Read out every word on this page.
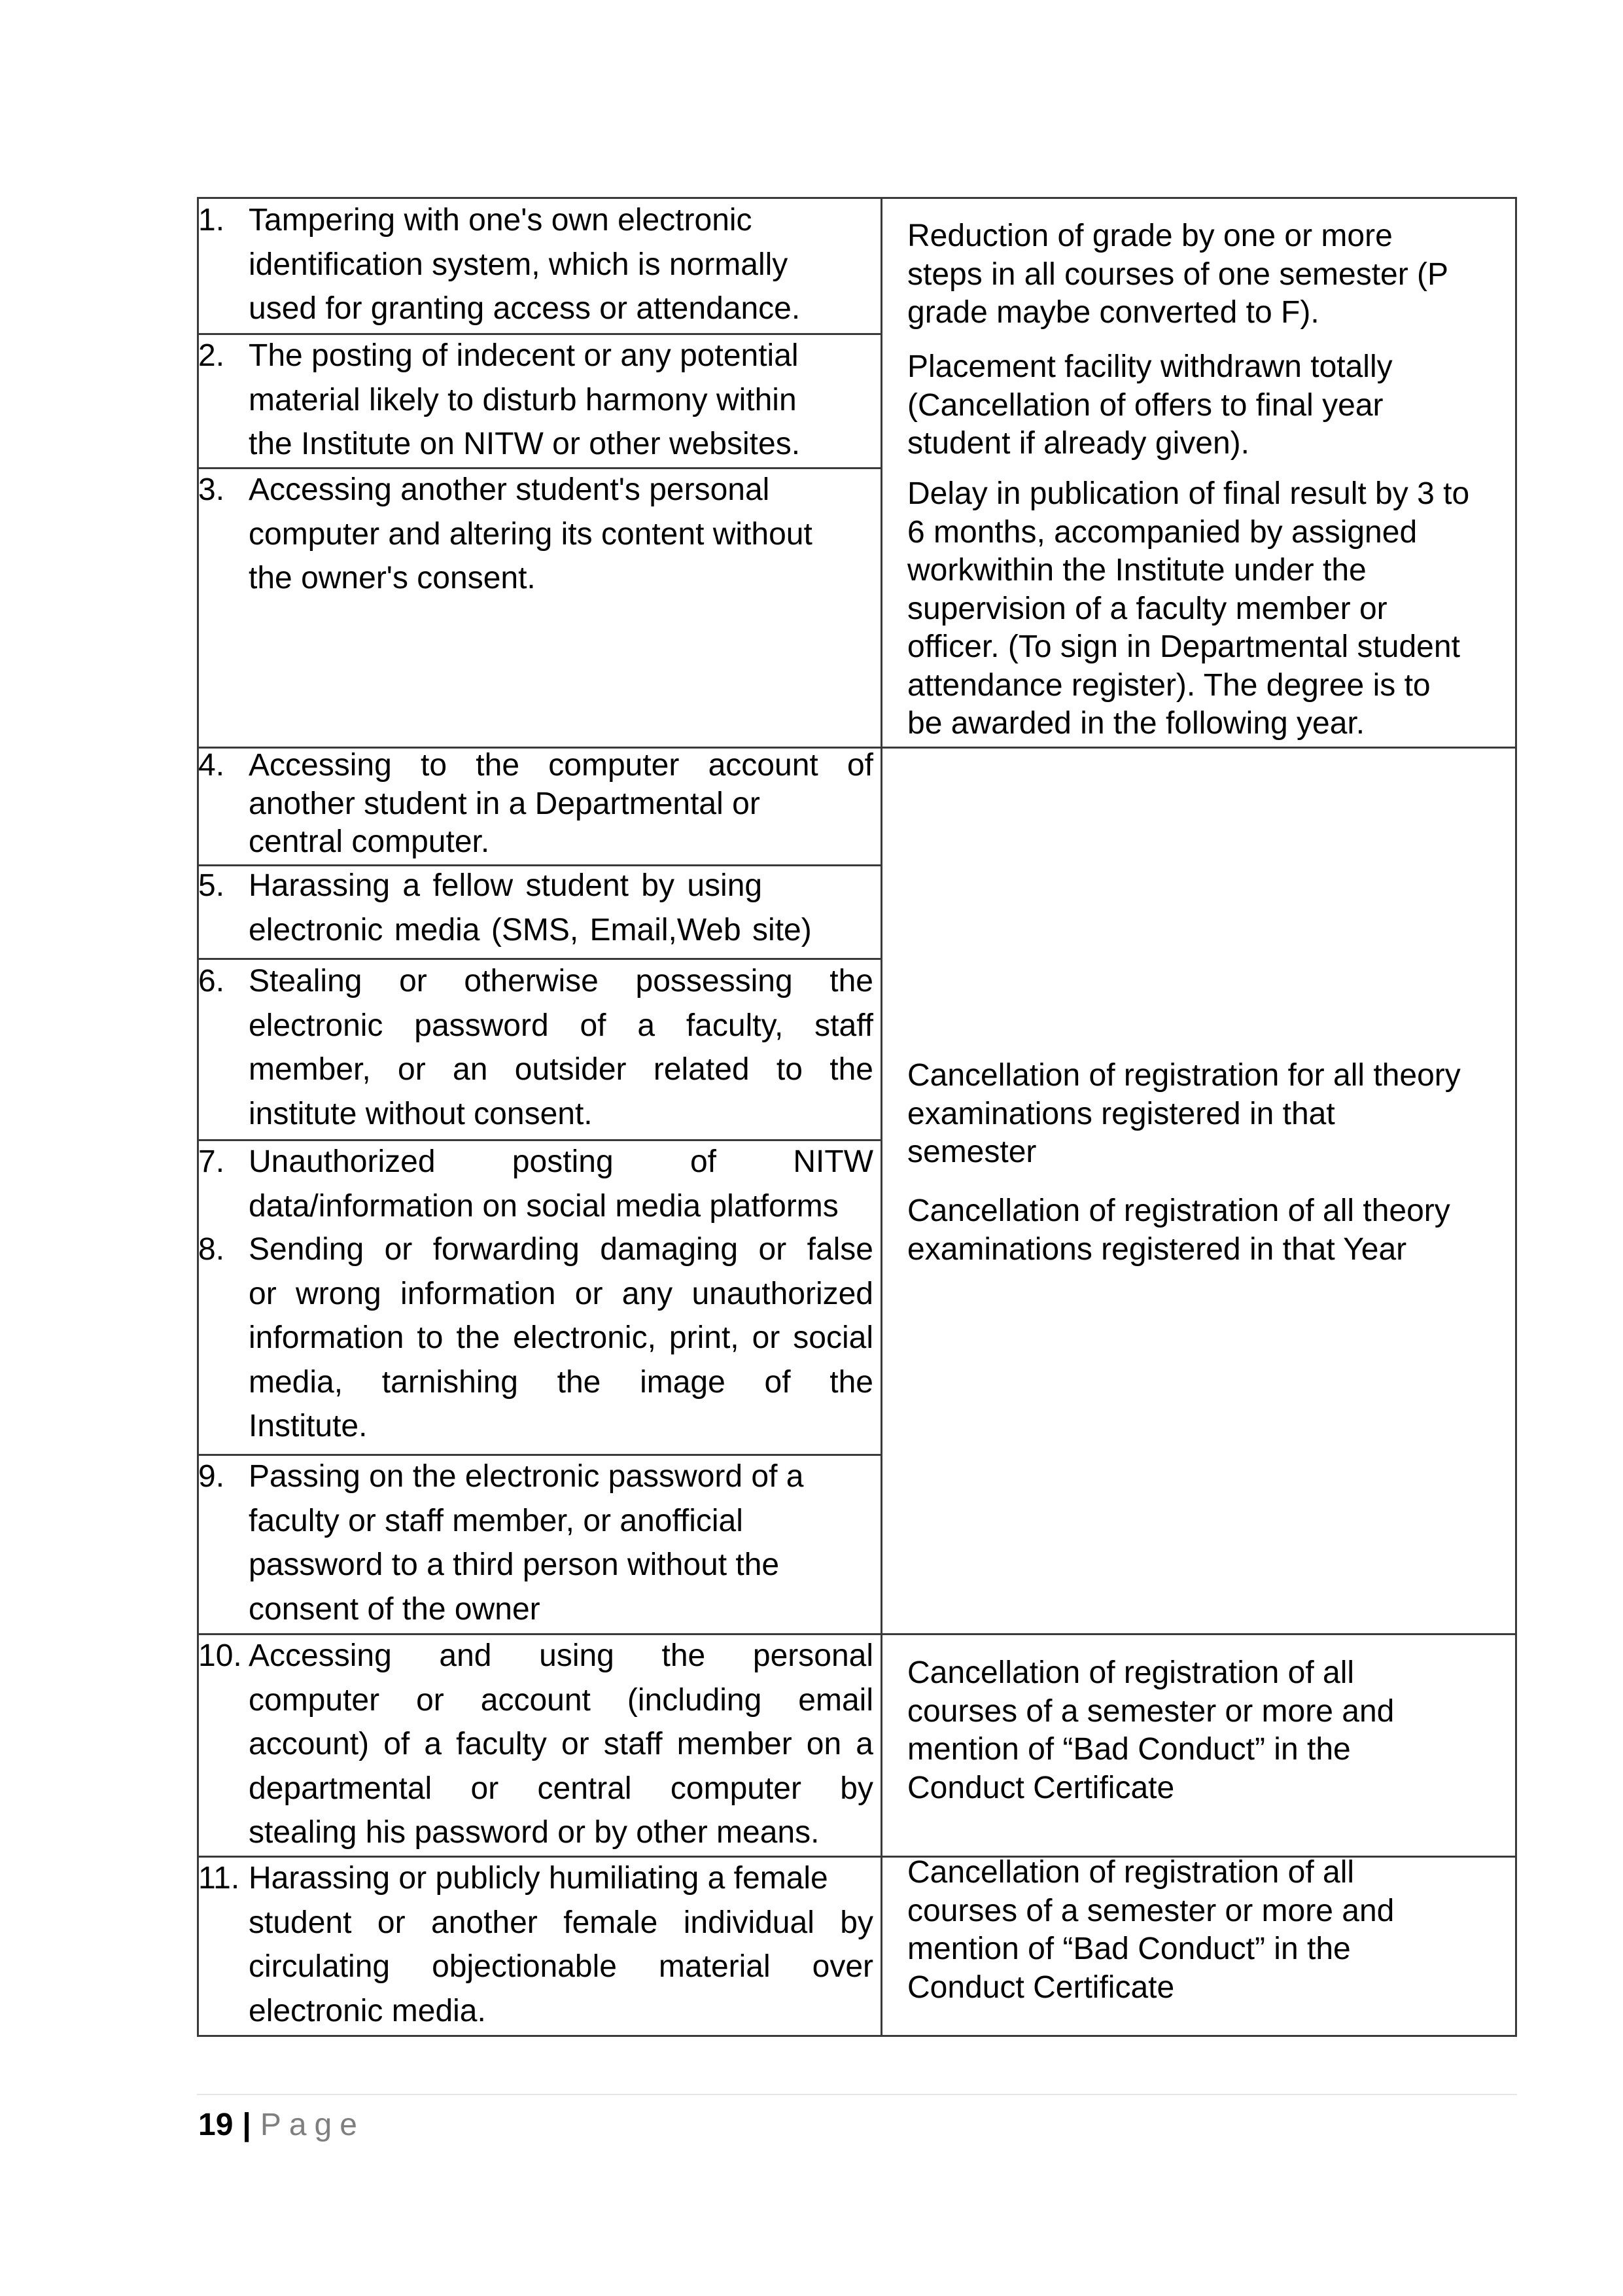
1. Tampering with one's own electronic
identification system, which is normally
used for granting access or attendance.
2. The posting of indecent or any potential
material likely to disturb harmony within
the Institute on NITW or other websites.
3. Accessing another student's personal
computer and altering its content without
the owner's consent.
4. Accessing to the computer account of
another student in a Departmental or
central computer.
5. Harassing a fellow student by using
electronic media (SMS, Email,Web site)
6. Stealing or otherwise possessing the
electronic password of a faculty, staff
member, or an outsider related to the
institute without consent.
7. Unauthorized posting of NITW
data/information on social media platforms
8. Sending or forwarding damaging or false
or wrong information or any unauthorized
information to the electronic, print, or social
media, tarnishing the image of the
Institute.
9. Passing on the electronic password of a
faculty or staff member, or anofficial
password to a third person without the
consent of the owner
10. Accessing and using the personal
computer or account (including email
account) of a faculty or staff member on a
departmental or central computer by
stealing his password or by other means.
11. Harassing or publicly humiliating a female
student or another female individual by
circulating objectionable material over
electronic media.
Reduction of grade by one or more
steps in all courses of one semester (P
grade maybe converted to F).
Placement facility withdrawn totally
(Cancellation of offers to final year
student if already given).
Delay in publication of final result by 3 to
6 months, accompanied by assigned
workwithin the Institute under the
supervision of a faculty member or
officer. (To sign in Departmental student
attendance register). The degree is to
be awarded in the following year.
Cancellation of registration for all theory
examinations registered in that
semester
Cancellation of registration of all theory
examinations registered in that Year
Cancellation of registration of all
courses of a semester or more and
mention of “Bad Conduct” in the
Conduct Certificate
Cancellation of registration of all
courses of a semester or more and
mention of “Bad Conduct” in the
Conduct Certificate
19 | Page
